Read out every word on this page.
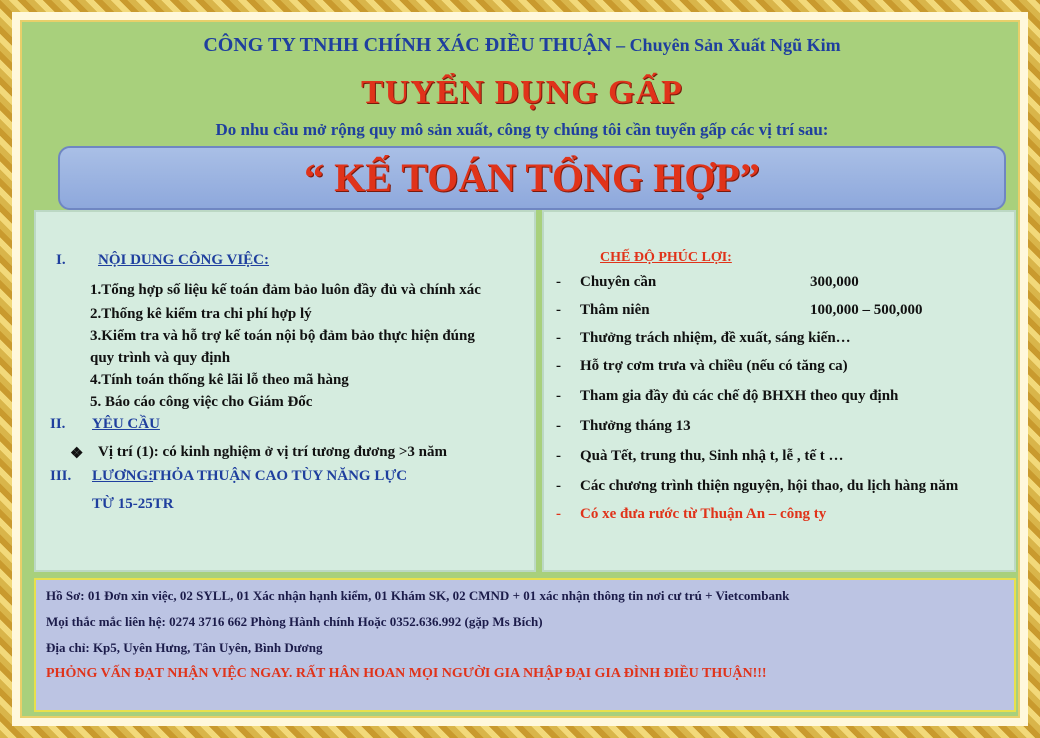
CÔNG TY TNHH CHÍNH XÁC ĐIỀU THUẬN – Chuyên Sản Xuất Ngũ Kim
TUYỂN DỤNG GẤP
Do nhu cầu mở rộng quy mô sản xuất, công ty chúng tôi cần tuyển gấp các vị trí sau:
“ KẾ TOÁN TỔNG HỢP”
I. NỘI DUNG CÔNG VIỆC:
1.Tổng hợp số liệu kế toán đảm bảo luôn đầy đủ và chính xác
2.Thống kê kiểm tra chi phí hợp lý
3.Kiểm tra và hỗ trợ kế toán nội bộ đảm bảo thực hiện đúng
quy trình và quy định
4.Tính toán thống kê lãi lỗ theo mã hàng
5. Báo cáo công việc cho Giám Đốc
II. YÊU CẦU
❖ Vị trí (1): có kinh nghiệm ở vị trí tương đương >3 năm
III. LƯƠNG:
THỎA THUẬN CAO TÙY NĂNG LỰC
TỪ 15-25TR
CHẾ ĐỘ PHÚC LỢI:
- Chuyên cần	300,000
- Thâm niên	100,000 – 500,000
- Thưởng trách nhiệm, đề xuất, sáng kiến…
- Hỗ trợ cơm trưa và chiều (nếu có tăng ca)
- Tham gia đầy đủ các chế độ BHXH theo quy định
- Thưởng tháng 13
- Quà Tết, trung thu, Sinh nhậ t, lễ , tế t …
- Các chương trình thiện nguyện, hội thao, du lịch hàng năm
- Có xe đưa rước từ Thuận An – công ty
Hồ Sơ: 01 Đơn xin việc, 02 SYLL, 01 Xác nhận hạnh kiểm, 01 Khám SK, 02 CMND + 01 xác nhận thông tin nơi cư trú + Vietcombank
Mọi thắc mắc liên hệ: 0274 3716 662 Phòng Hành chính Hoặc 0352.636.992 (gặp Ms Bích)
Địa chỉ: Kp5, Uyên Hưng, Tân Uyên, Bình Dương
PHỎNG VẤN ĐẠT NHẬN VIỆC NGAY. RẤT HÂN HOAN MỌI NGƯỜI GIA NHẬP ĐẠI GIA ĐÌNH ĐIỀU THUẬN!!!
